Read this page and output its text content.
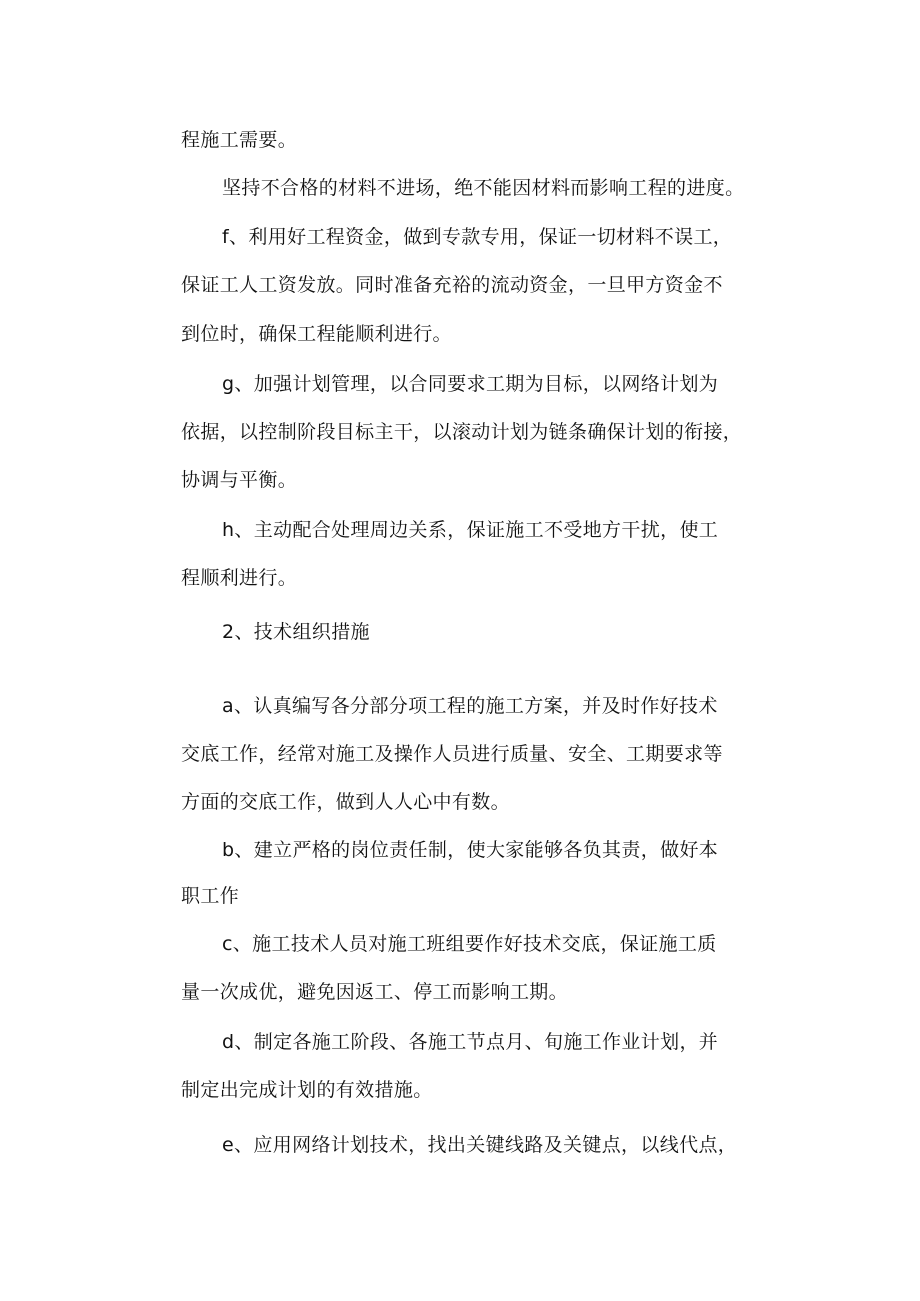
程施工需要。
坚持不合格的材料不进场，绝不能因材料而影响工程的进度。
f、利用好工程资金，做到专款专用，保证一切材料不误工，
保证工人工资发放。同时准备充裕的流动资金，一旦甲方资金不
到位时，确保工程能顺利进行。
g、加强计划管理，以合同要求工期为目标，以网络计划为
依据，以控制阶段目标主干，以滚动计划为链条确保计划的衔接，
协调与平衡。
h、主动配合处理周边关系，保证施工不受地方干扰，使工
程顺利进行。
2、技术组织措施
a、认真编写各分部分项工程的施工方案，并及时作好技术
交底工作，经常对施工及操作人员进行质量、安全、工期要求等
方面的交底工作，做到人人心中有数。
b、建立严格的岗位责任制，使大家能够各负其责，做好本
职工作
c、施工技术人员对施工班组要作好技术交底，保证施工质
量一次成优，避免因返工、停工而影响工期。
d、制定各施工阶段、各施工节点月、旬施工作业计划，并
制定出完成计划的有效措施。
e、应用网络计划技术，找出关键线路及关键点，以线代点，
